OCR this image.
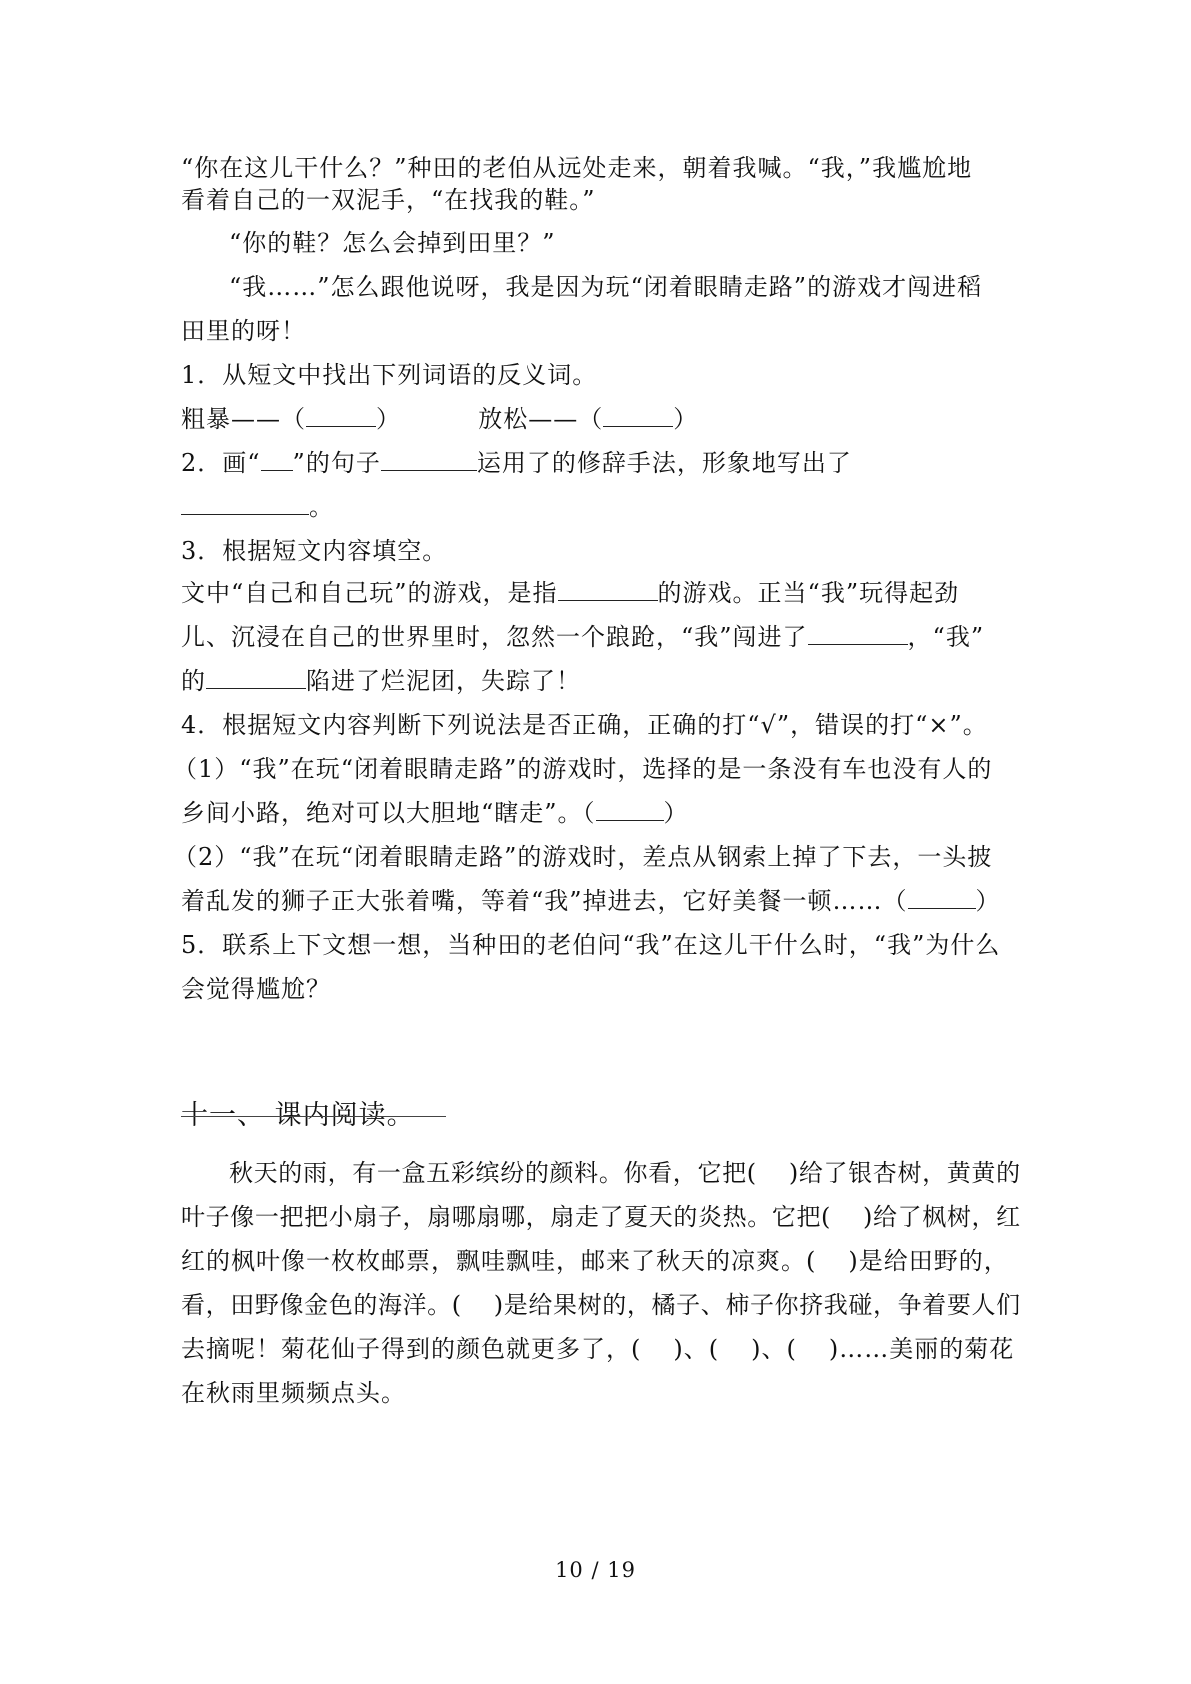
“你在这儿干什么？”种田的老伯从远处走来，朝着我喊。“我，”我尴尬地
看着自己的一双泥手，“在找我的鞋。”
“你的鞋？怎么会掉到田里？”
“我……”怎么跟他说呀，我是因为玩“闭着眼睛走路”的游戏才闯进稻
田里的呀！
1．从短文中找出下列词语的反义词。
粗暴——（	）	放松——（	）
2．画“ ”的句子	运用了的修辞手法，形象地写出了
。
3．根据短文内容填空。
文中“自己和自己玩”的游戏，是指	的游戏。正当“我”玩得起劲
儿、沉浸在自己的世界里时，忽然一个踉跄，“我”闯进了	，“我”
的	陷进了烂泥团，失踪了！
4．根据短文内容判断下列说法是否正确，正确的打“√”，错误的打“×”。
（1）“我”在玩“闭着眼睛走路”的游戏时，选择的是一条没有车也没有人的
乡间小路，绝对可以大胆地“瞎走”。（	）
（2）“我”在玩“闭着眼睛走路”的游戏时，差点从钢索上掉了下去，一头披
着乱发的狮子正大张着嘴，等着“我”掉进去，它好美餐一顿……（	）
5．联系上下文想一想，当种田的老伯问“我”在这儿干什么时，“我”为什么
会觉得尴尬？
十一、 课内阅读。
秋天的雨，有一盒五彩缤纷的颜料。你看，它把( )给了银杏树，黄黄的
叶子像一把把小扇子，扇哪扇哪，扇走了夏天的炎热。它把( )给了枫树，红
红的枫叶像一枚枚邮票，飘哇飘哇，邮来了秋天的凉爽。( )是给田野的，
看，田野像金色的海洋。( )是给果树的，橘子、柿子你挤我碰，争着要人们
去摘呢！菊花仙子得到的颜色就更多了，( )、( )、( )……美丽的菊花
在秋雨里频频点头。
10 / 19
